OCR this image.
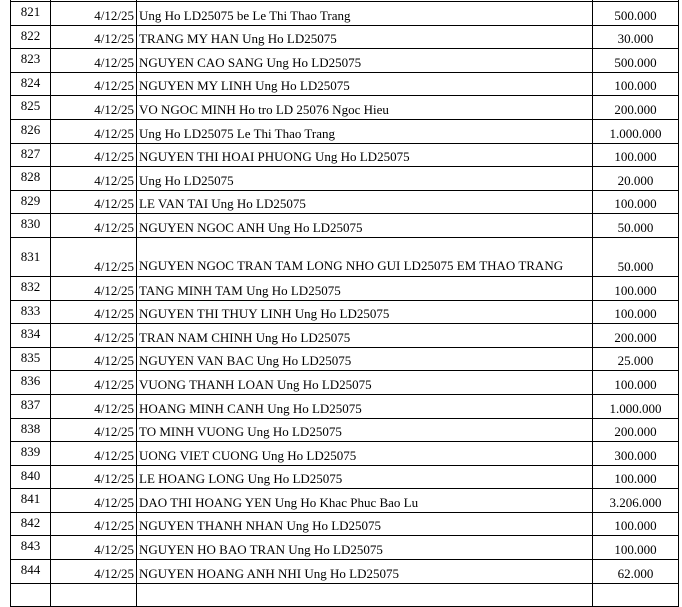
821	4/12/25	Ung Ho LD25075 be Le Thi Thao Trang	500.000
822	4/12/25	TRANG MY HAN Ung Ho LD25075	30.000
823	4/12/25	NGUYEN CAO SANG Ung Ho LD25075	500.000
824	4/12/25	NGUYEN MY LINH Ung Ho LD25075	100.000
825	4/12/25	VO NGOC MINH Ho tro LD 25076 Ngoc Hieu	200.000
826	4/12/25	Ung Ho LD25075 Le Thi Thao Trang	1.000.000
827	4/12/25	NGUYEN THI HOAI PHUONG Ung Ho LD25075	100.000
828	4/12/25	Ung Ho LD25075	20.000
829	4/12/25	LE VAN TAI Ung Ho LD25075	100.000
830	4/12/25	NGUYEN NGOC ANH Ung Ho LD25075	50.000
831	4/12/25	NGUYEN NGOC TRAN TAM LONG NHO GUI LD25075 EM THAO TRANG	50.000
832	4/12/25	TANG MINH TAM Ung Ho LD25075	100.000
833	4/12/25	NGUYEN THI THUY LINH Ung Ho LD25075	100.000
834	4/12/25	TRAN NAM CHINH Ung Ho LD25075	200.000
835	4/12/25	NGUYEN VAN BAC Ung Ho LD25075	25.000
836	4/12/25	VUONG THANH LOAN Ung Ho LD25075	100.000
837	4/12/25	HOANG MINH CANH Ung Ho LD25075	1.000.000
838	4/12/25	TO MINH VUONG Ung Ho LD25075	200.000
839	4/12/25	UONG VIET CUONG Ung Ho LD25075	300.000
840	4/12/25	LE HOANG LONG Ung Ho LD25075	100.000
841	4/12/25	DAO THI HOANG YEN Ung Ho Khac Phuc Bao Lu	3.206.000
842	4/12/25	NGUYEN THANH NHAN Ung Ho LD25075	100.000
843	4/12/25	NGUYEN HO BAO TRAN Ung Ho LD25075	100.000
844	4/12/25	NGUYEN HOANG ANH NHI Ung Ho LD25075	62.000
